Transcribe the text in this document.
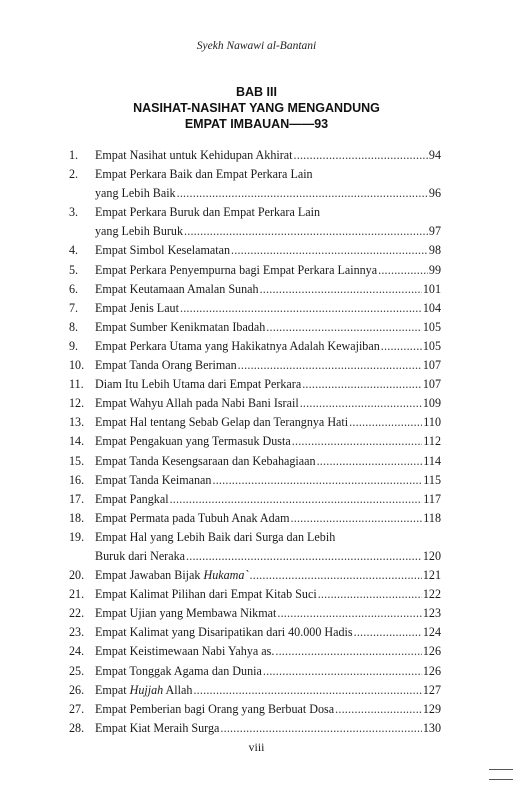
Syekh Nawawi al-Bantani
BAB III
NASIHAT-NASIHAT YANG MENGANDUNG
EMPAT IMBAUAN——93
1. Empat Nasihat untuk Kehidupan Akhirat .....	94
2. Empat Perkara Baik dan Empat Perkara Lain
yang Lebih Baik .....	96
3. Empat Perkara Buruk dan Empat Perkara Lain
yang Lebih Buruk .....	97
4. Empat Simbol Keselamatan .....	98
5. Empat Perkara Penyempurna bagi Empat Perkara Lainnya .....	99
6. Empat Keutamaan Amalan Sunah .....	101
7. Empat Jenis Laut .....	104
8. Empat Sumber Kenikmatan Ibadah .....	105
9. Empat Perkara Utama yang Hakikatnya Adalah Kewajiban .....	105
10. Empat Tanda Orang Beriman .....	107
11. Diam Itu Lebih Utama dari Empat Perkara .....	107
12. Empat Wahyu Allah pada Nabi Bani Israil .....	109
13. Empat Hal tentang Sebab Gelap dan Terangnya Hati .....	110
14. Empat Pengakuan yang Termasuk Dusta .....	112
15. Empat Tanda Kesengsaraan dan Kebahagiaan .....	114
16. Empat Tanda Keimanan .....	115
17. Empat Pangkal .....	117
18. Empat Permata pada Tubuh Anak Adam .....	118
19. Empat Hal yang Lebih Baik dari Surga dan Lebih
Buruk dari Neraka .....	120
20. Empat Jawaban Bijak Hukama` .....	121
21. Empat Kalimat Pilihan dari Empat Kitab Suci .....	122
22. Empat Ujian yang Membawa Nikmat .....	123
23. Empat Kalimat yang Disaripatikan dari 40.000 Hadis .....	124
24. Empat Keistimewaan Nabi Yahya as. .....	126
25. Empat Tonggak Agama dan Dunia .....	126
26. Empat Hujjah Allah .....	127
27. Empat Pemberian bagi Orang yang Berbuat Dosa .....	129
28. Empat Kiat Meraih Surga .....	130
viii
